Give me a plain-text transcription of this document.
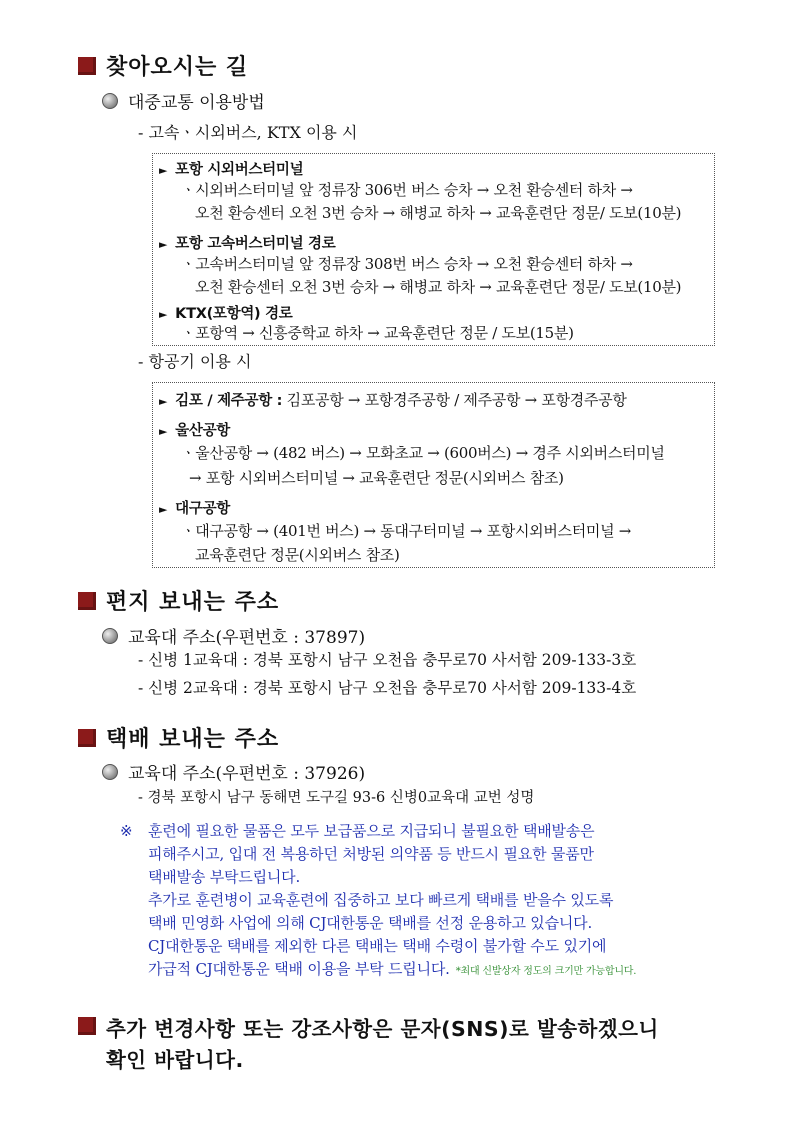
찾아오시는 길
대중교통 이용방법
- 고속ㆍ시외버스, KTX 이용 시
► 포항 시외버스터미널
ㆍ시외버스터미널 앞 정류장 306번 버스 승차 → 오천 환승센터 하차 →
오천 환승센터 오천 3번 승차 → 해병교 하차 → 교육훈련단 정문/ 도보(10분)
► 포항 고속버스터미널 경로
ㆍ고속버스터미널 앞 정류장 308번 버스 승차 → 오천 환승센터 하차 →
오천 환승센터 오천 3번 승차 → 해병교 하차 → 교육훈련단 정문/ 도보(10분)
► KTX(포항역) 경로
ㆍ포항역 → 신흥중학교 하차 → 교육훈련단 정문 / 도보(15분)
- 항공기 이용 시
► 김포 / 제주공항 : 김포공항 → 포항경주공항 / 제주공항 → 포항경주공항
► 울산공항
ㆍ울산공항 → (482 버스) → 모화초교 → (600버스) → 경주 시외버스터미널
→ 포항 시외버스터미널 → 교육훈련단 정문(시외버스 참조)
► 대구공항
ㆍ대구공항 → (401번 버스) → 동대구터미널 → 포항시외버스터미널 →
교육훈련단 정문(시외버스 참조)
편지 보내는 주소
교육대 주소(우편번호 : 37897)
- 신병 1교육대 : 경북 포항시 남구 오천읍 충무로70 사서함 209-133-3호
- 신병 2교육대 : 경북 포항시 남구 오천읍 충무로70 사서함 209-133-4호
택배 보내는 주소
교육대 주소(우편번호 : 37926)
- 경북 포항시 남구 동해면 도구길 93-6 신병0교육대 교번 성명
※ 훈련에 필요한 물품은 모두 보급품으로 지급되니 불필요한 택배발송은
피해주시고, 입대 전 복용하던 처방된 의약품 등 반드시 필요한 물품만
택배발송 부탁드립니다.
추가로 훈련병이 교육훈련에 집중하고 보다 빠르게 택배를 받을수 있도록
택배 민영화 사업에 의해 CJ대한통운 택배를 선정 운용하고 있습니다.
CJ대한통운 택배를 제외한 다른 택배는 택배 수령이 불가할 수도 있기에
가급적 CJ대한통운 택배 이용을 부탁 드립니다. *최대 신발상자 정도의 크기만 가능합니다.
추가 변경사항 또는 강조사항은 문자(SNS)로 발송하겠으니
확인 바랍니다.
